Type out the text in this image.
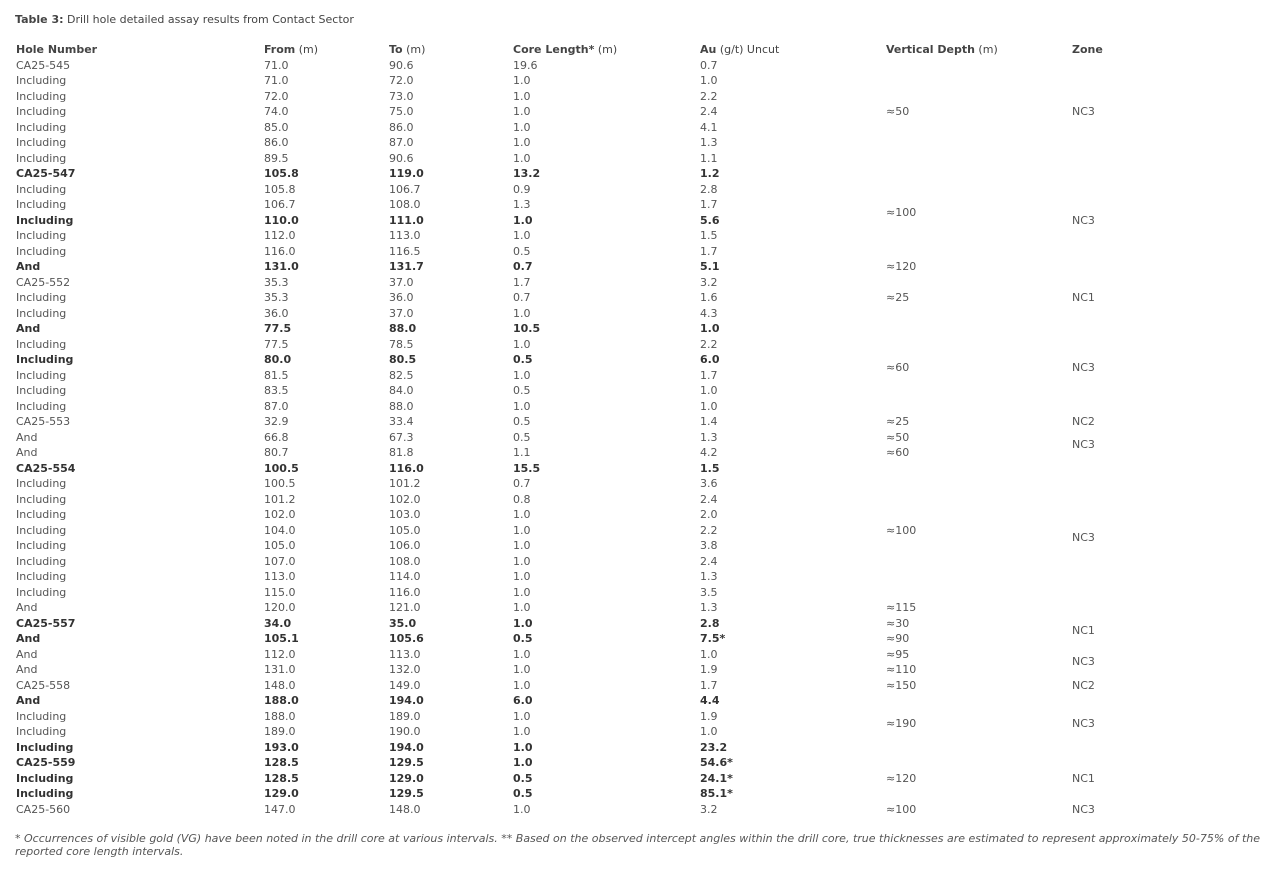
Table 3: Drill hole detailed assay results from Contact Sector
Hole Number	From (m)	To (m)	Core Length* (m)	Au (g/t) Uncut	Vertical Depth (m)	Zone
CA25-545	71.0	90.6	19.6	0.7	≈50	NC3
Including	71.0	72.0	1.0	1.0		
Including	72.0	73.0	1.0	2.2		
Including	74.0	75.0	1.0	2.4		
Including	85.0	86.0	1.0	4.1		
Including	86.0	87.0	1.0	1.3		
Including	89.5	90.6	1.0	1.1		
CA25-547	105.8	119.0	13.2	1.2	≈100	NC3
Including	105.8	106.7	0.9	2.8		
Including	106.7	108.0	1.3	1.7		
Including	110.0	111.0	1.0	5.6		
Including	112.0	113.0	1.0	1.5		
Including	116.0	116.5	0.5	1.7		
And	131.0	131.7	0.7	5.1	≈120	
CA25-552	35.3	37.0	1.7	3.2	≈25	NC1
Including	35.3	36.0	0.7	1.6		
Including	36.0	37.0	1.0	4.3		
And	77.5	88.0	10.5	1.0	≈60	NC3
Including	77.5	78.5	1.0	2.2		
Including	80.0	80.5	0.5	6.0		
Including	81.5	82.5	1.0	1.7		
Including	83.5	84.0	0.5	1.0		
Including	87.0	88.0	1.0	1.0		
CA25-553	32.9	33.4	0.5	1.4	≈25	NC2
And	66.8	67.3	0.5	1.3	≈50	NC3
And	80.7	81.8	1.1	4.2	≈60	
CA25-554	100.5	116.0	15.5	1.5	≈100	NC3
Including	100.5	101.2	0.7	3.6		
Including	101.2	102.0	0.8	2.4		
Including	102.0	103.0	1.0	2.0		
Including	104.0	105.0	1.0	2.2		
Including	105.0	106.0	1.0	3.8		
Including	107.0	108.0	1.0	2.4		
Including	113.0	114.0	1.0	1.3		
Including	115.0	116.0	1.0	3.5		
And	120.0	121.0	1.0	1.3	≈115	
CA25-557	34.0	35.0	1.0	2.8	≈30	NC1
And	105.1	105.6	0.5	7.5*	≈90	
And	112.0	113.0	1.0	1.0	≈95	NC3
And	131.0	132.0	1.0	1.9	≈110	
CA25-558	148.0	149.0	1.0	1.7	≈150	NC2
And	188.0	194.0	6.0	4.4	≈190	NC3
Including	188.0	189.0	1.0	1.9		
Including	189.0	190.0	1.0	1.0		
Including	193.0	194.0	1.0	23.2		
CA25-559	128.5	129.5	1.0	54.6*	≈120	NC1
Including	128.5	129.0	0.5	24.1*		
Including	129.0	129.5	0.5	85.1*		
CA25-560	147.0	148.0	1.0	3.2	≈100	NC3
* Occurrences of visible gold (VG) have been noted in the drill core at various intervals. ** Based on the observed intercept angles within the drill core, true thicknesses are estimated to represent approximately 50-75% of the reported core length intervals.
